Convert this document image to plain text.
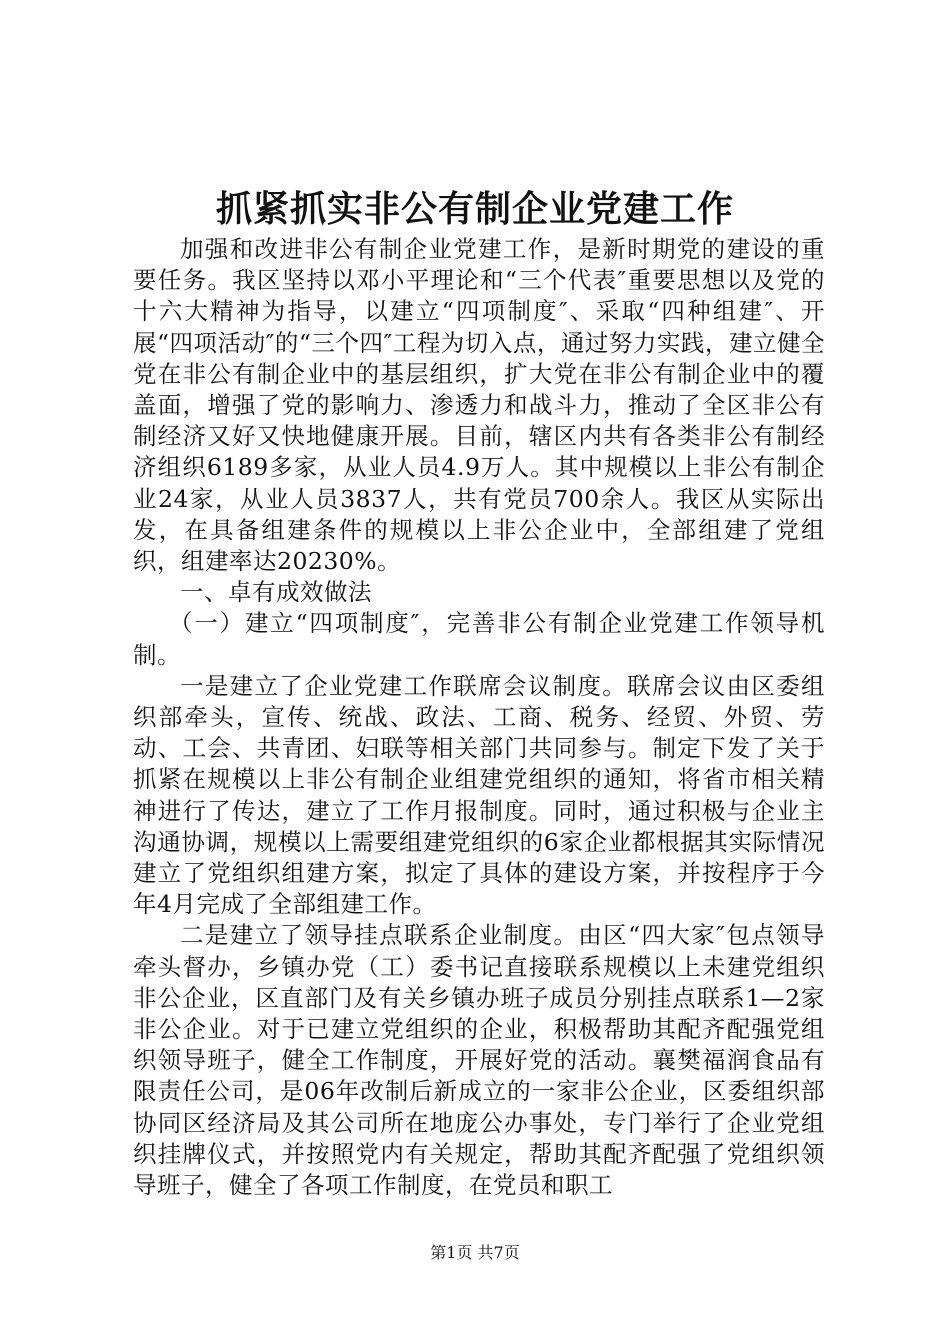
抓紧抓实非公有制企业党建工作

加强和改进非公有制企业党建工作，是新时期党的建设的重要任务。我区坚持以邓小平理论和“三个代表″重要思想以及党的十六大精神为指导，以建立“四项制度″、采取“四种组建″、开展“四项活动″的“三个四″工程为切入点，通过努力实践，建立健全党在非公有制企业中的基层组织，扩大党在非公有制企业中的覆盖面，增强了党的影响力、渗透力和战斗力，推动了全区非公有制经济又好又快地健康开展。目前，辖区内共有各类非公有制经济组织6189多家，从业人员4.9万人。其中规模以上非公有制企业24家，从业人员3837人，共有党员700余人。我区从实际出发，在具备组建条件的规模以上非公企业中，全部组建了党组织，组建率达20230%。

一、卓有成效做法

（一）建立“四项制度″，完善非公有制企业党建工作领导机制。

一是建立了企业党建工作联席会议制度。联席会议由区委组织部牵头，宣传、统战、政法、工商、税务、经贸、外贸、劳动、工会、共青团、妇联等相关部门共同参与。制定下发了关于抓紧在规模以上非公有制企业组建党组织的通知，将省市相关精神进行了传达，建立了工作月报制度。同时，通过积极与企业主沟通协调，规模以上需要组建党组织的6家企业都根据其实际情况建立了党组织组建方案，拟定了具体的建设方案，并按程序于今年4月完成了全部组建工作。

二是建立了领导挂点联系企业制度。由区“四大家″包点领导牵头督办，乡镇办党（工）委书记直接联系规模以上未建党组织非公企业，区直部门及有关乡镇办班子成员分别挂点联系1—2家非公企业。对于已建立党组织的企业，积极帮助其配齐配强党组织领导班子，健全工作制度，开展好党的活动。襄樊福润食品有限责任公司，是06年改制后新成立的一家非公企业，区委组织部协同区经济局及其公司所在地庞公办事处，专门举行了企业党组织挂牌仪式，并按照党内有关规定，帮助其配齐配强了党组织领导班子，健全了各项工作制度，在党员和职工

第1页 共7页
